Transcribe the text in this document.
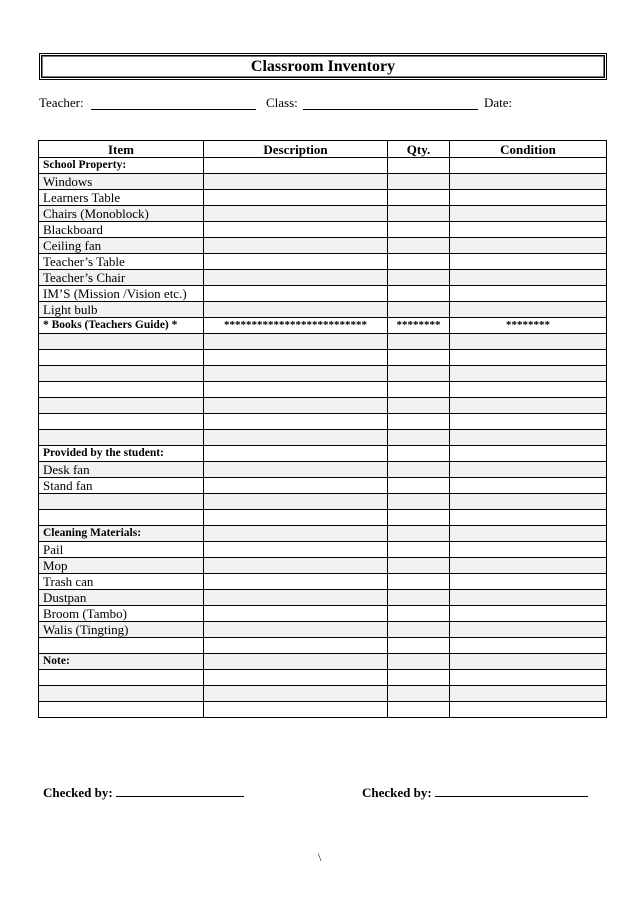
Classroom Inventory
Teacher:	Class:	Date:
Item	Description	Qty.	Condition
School Property:			
Windows			
Learners Table			
Chairs (Monoblock)			
Blackboard			
Ceiling fan			
Teacher’s Table			
Teacher’s Chair			
IM’S (Mission /Vision etc.)			
Light bulb			
* Books (Teachers Guide) *	**************************	********	********

Provided by the student:			
Desk fan			
Stand fan			

Cleaning Materials:			
Pail			
Mop			
Trash can			
Dustpan			
Broom (Tambo)			
Walis (Tingting)			

Note:			

Checked by:	Checked by:
\
